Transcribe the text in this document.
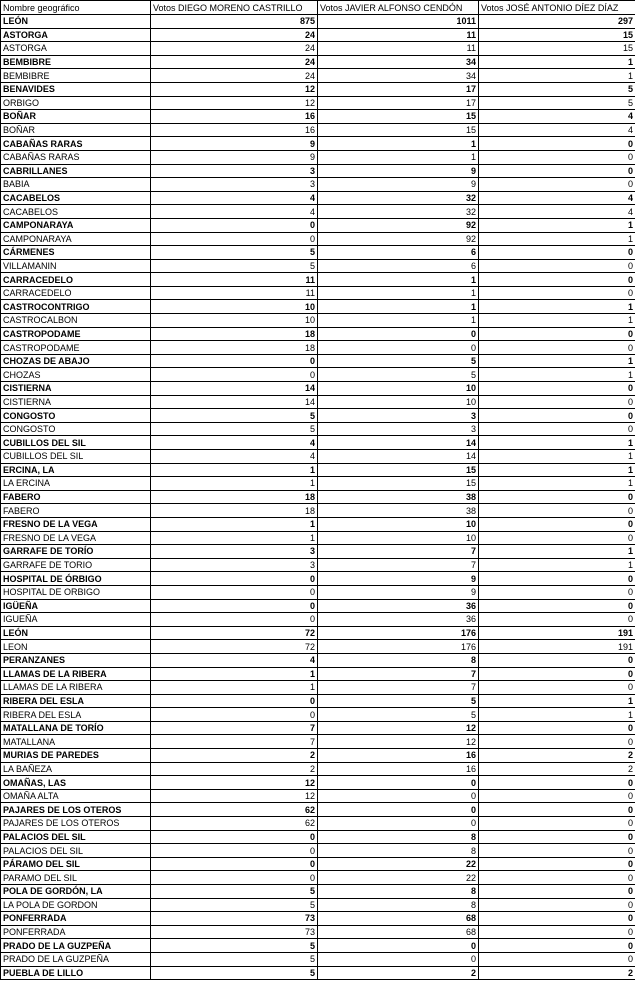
Nombre geográfico	Votos DIEGO MORENO CASTRILLO	Votos JAVIER ALFONSO CENDÓN	Votos JOSÉ ANTONIO DÍEZ DÍAZ
LEÓN	875	1011	297
ASTORGA	24	11	15
ASTORGA	24	11	15
BEMBIBRE	24	34	1
BEMBIBRE	24	34	1
BENAVIDES	12	17	5
ORBIGO	12	17	5
BOÑAR	16	15	4
BOÑAR	16	15	4
CABAÑAS RARAS	9	1	0
CABAÑAS RARAS	9	1	0
CABRILLANES	3	9	0
BABIA	3	9	0
CACABELOS	4	32	4
CACABELOS	4	32	4
CAMPONARAYA	0	92	1
CAMPONARAYA	0	92	1
CÁRMENES	5	6	0
VILLAMANIN	5	6	0
CARRACEDELO	11	1	0
CARRACEDELO	11	1	0
CASTROCONTRIGO	10	1	1
CASTROCALBON	10	1	1
CASTROPODAME	18	0	0
CASTROPODAME	18	0	0
CHOZAS DE ABAJO	0	5	1
CHOZAS	0	5	1
CISTIERNA	14	10	0
CISTIERNA	14	10	0
CONGOSTO	5	3	0
CONGOSTO	5	3	0
CUBILLOS DEL SIL	4	14	1
CUBILLOS DEL SIL	4	14	1
ERCINA, LA	1	15	1
LA ERCINA	1	15	1
FABERO	18	38	0
FABERO	18	38	0
FRESNO DE LA VEGA	1	10	0
FRESNO DE LA VEGA	1	10	0
GARRAFE DE TORÍO	3	7	1
GARRAFE DE TORIO	3	7	1
HOSPITAL DE ÓRBIGO	0	9	0
HOSPITAL DE ORBIGO	0	9	0
IGÜEÑA	0	36	0
IGUEÑA	0	36	0
LEÓN	72	176	191
LEON	72	176	191
PERANZANES	4	8	0
LLAMAS DE LA RIBERA	1	7	0
LLAMAS DE LA RIBERA	1	7	0
RIBERA DEL ESLA	0	5	1
RIBERA DEL ESLA	0	5	1
MATALLANA DE TORÍO	7	12	0
MATALLANA	7	12	0
MURIAS DE PAREDES	2	16	2
LA BAÑEZA	2	16	2
OMAÑAS, LAS	12	0	0
OMAÑA ALTA	12	0	0
PAJARES DE LOS OTEROS	62	0	0
PAJARES DE LOS OTEROS	62	0	0
PALACIOS DEL SIL	0	8	0
PALACIOS DEL SIL	0	8	0
PÁRAMO DEL SIL	0	22	0
PARAMO DEL SIL	0	22	0
POLA DE GORDÓN, LA	5	8	0
LA POLA DE GORDON	5	8	0
PONFERRADA	73	68	0
PONFERRADA	73	68	0
PRADO DE LA GUZPEÑA	5	0	0
PRADO DE LA GUZPEÑA	5	0	0
PUEBLA DE LILLO	5	2	2
